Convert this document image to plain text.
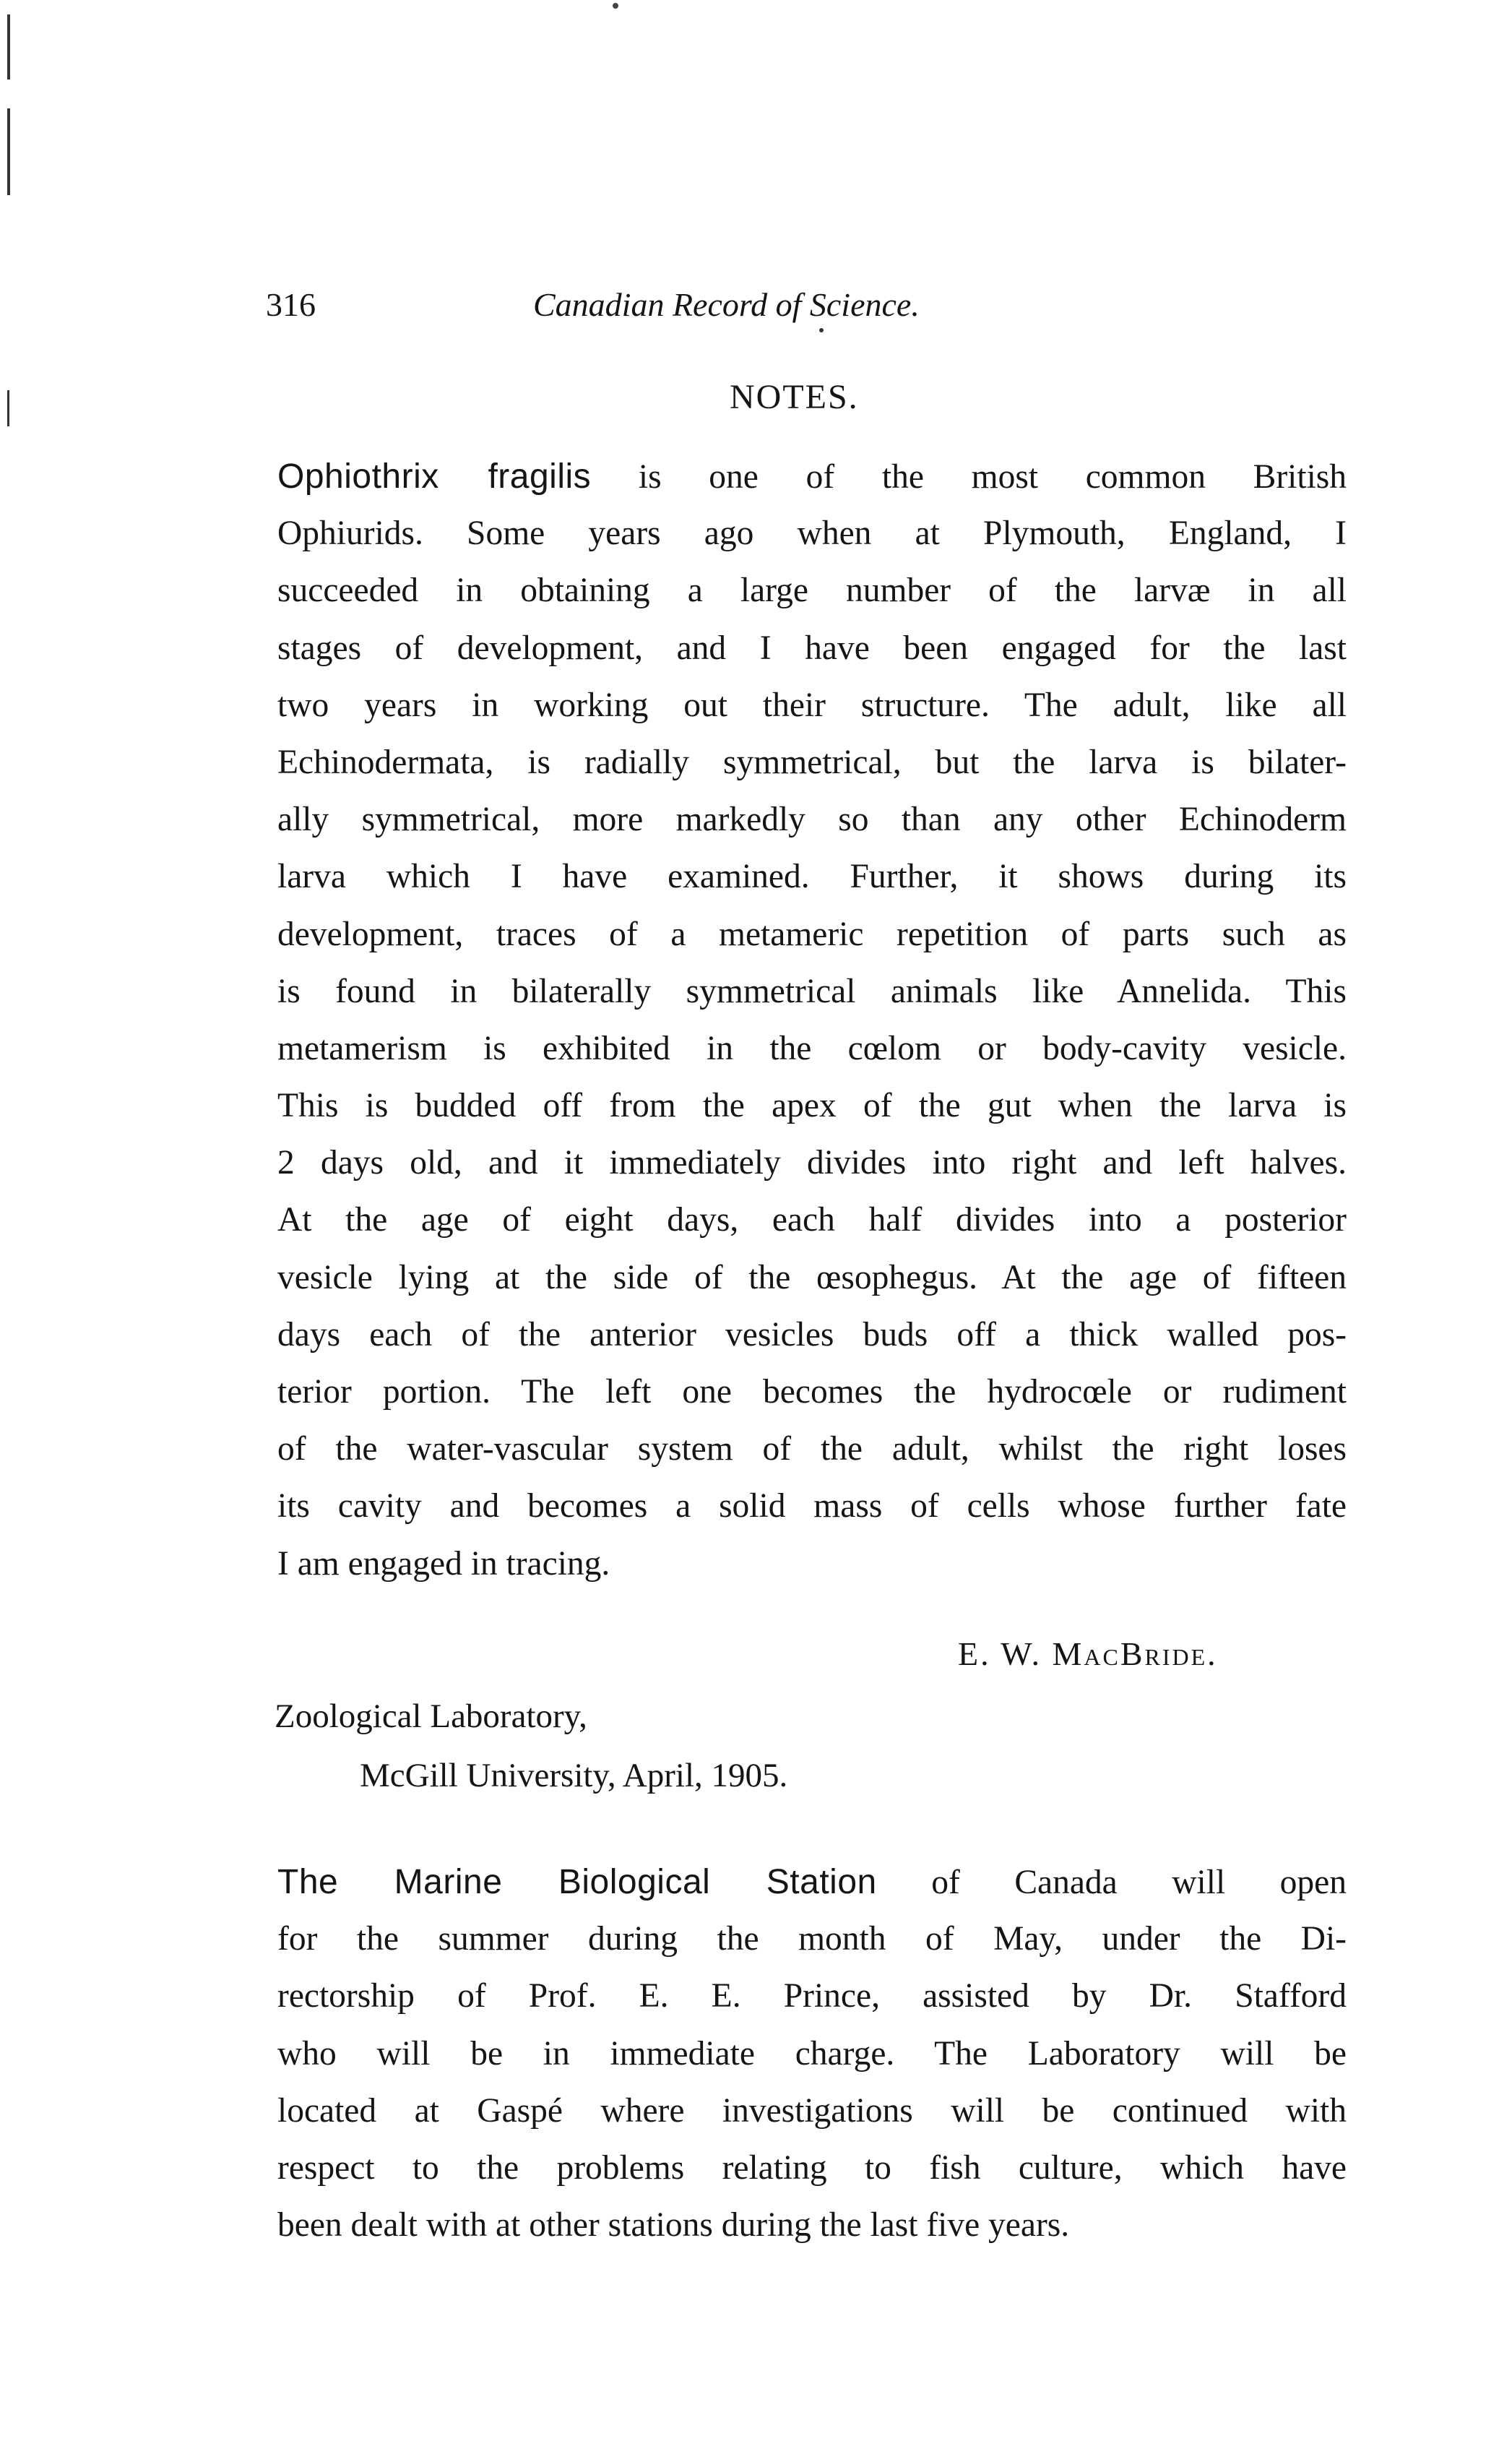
316	Canadian Record of Science.
NOTES.
Ophiothrix fragilis is one of the most common British
Ophiurids. Some years ago when at Plymouth, England, I
succeeded in obtaining a large number of the larvæ in all
stages of development, and I have been engaged for the last
two years in working out their structure. The adult, like all
Echinodermata, is radially symmetrical, but the larva is bilater-
ally symmetrical, more markedly so than any other Echinoderm
larva which I have examined. Further, it shows during its
development, traces of a metameric repetition of parts such as
is found in bilaterally symmetrical animals like Annelida. This
metamerism is exhibited in the cœlom or body-cavity vesicle.
This is budded off from the apex of the gut when the larva is
2 days old, and it immediately divides into right and left halves.
At the age of eight days, each half divides into a posterior
vesicle lying at the side of the œsophegus. At the age of fifteen
days each of the anterior vesicles buds off a thick walled pos-
terior portion. The left one becomes the hydrocœle or rudiment
of the water-vascular system of the adult, whilst the right loses
its cavity and becomes a solid mass of cells whose further fate
I am engaged in tracing.
E. W. MacBride.
Zoological Laboratory,
McGill University, April, 1905.
The Marine Biological Station of Canada will open
for the summer during the month of May, under the Di-
rectorship of Prof. E. E. Prince, assisted by Dr. Stafford
who will be in immediate charge. The Laboratory will be
located at Gaspé where investigations will be continued with
respect to the problems relating to fish culture, which have
been dealt with at other stations during the last five years.
